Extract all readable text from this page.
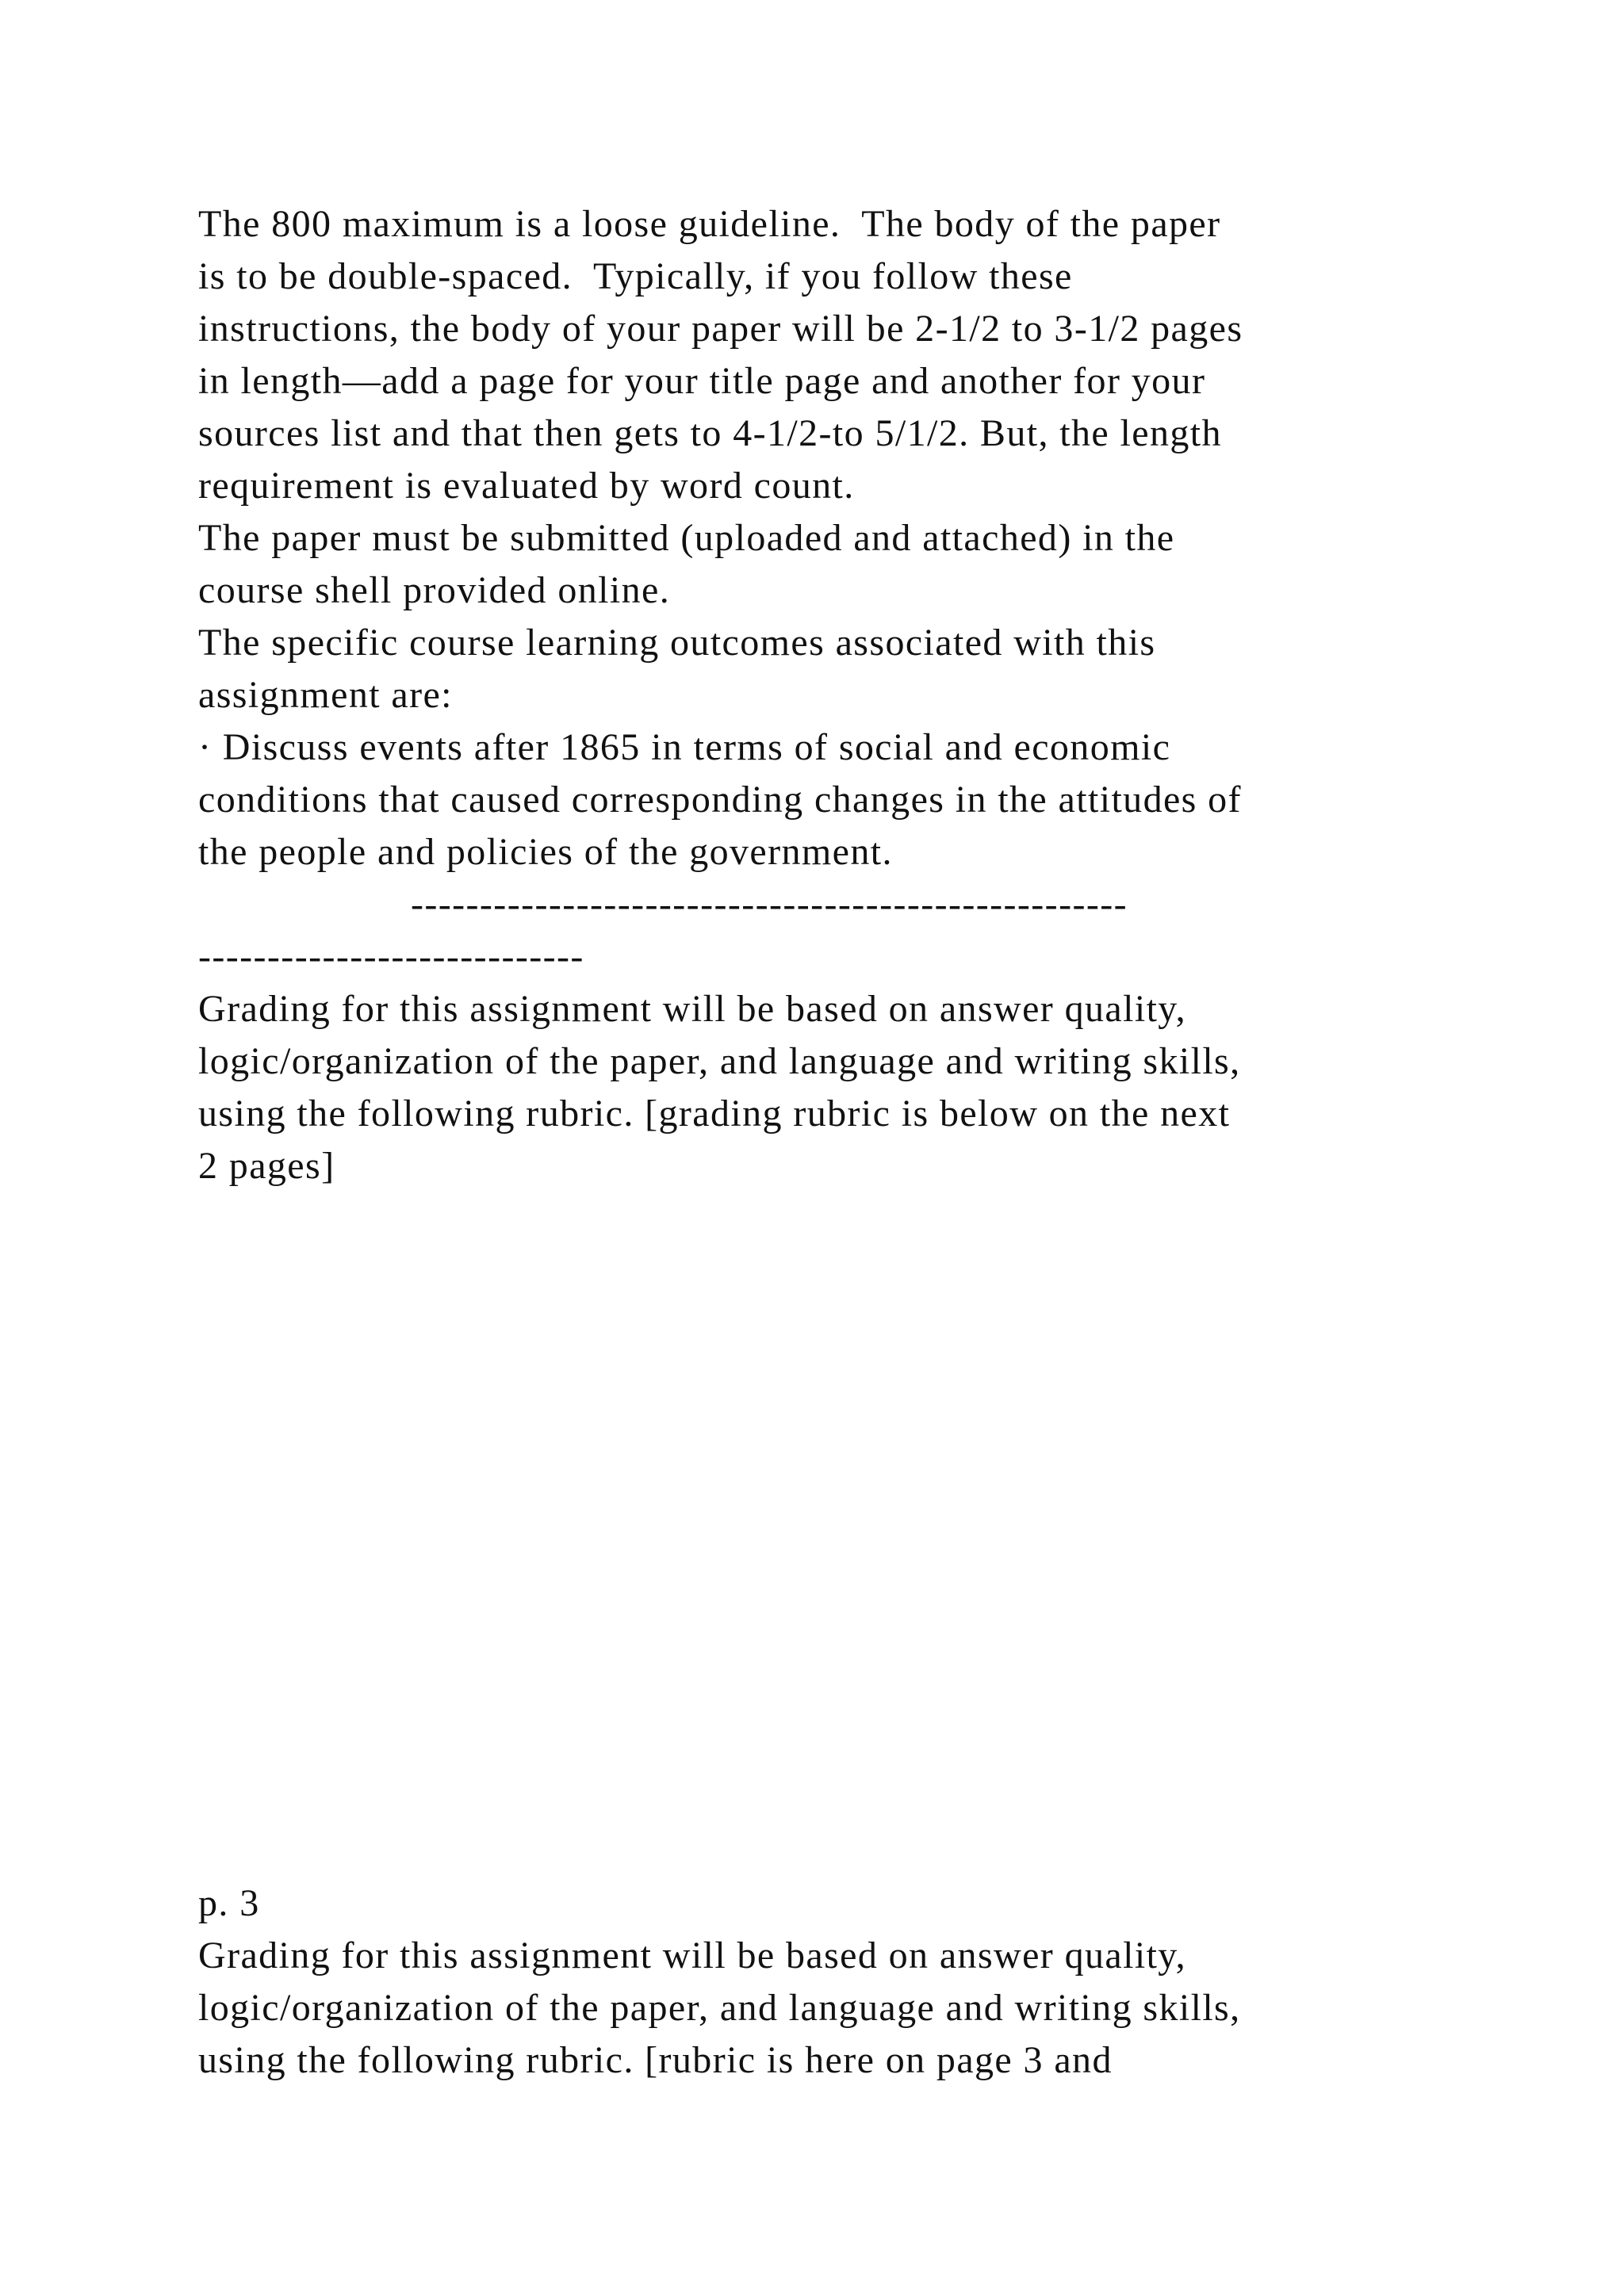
The 800 maximum is a loose guideline.  The body of the paper

is to be double-spaced.  Typically, if you follow these

instructions, the body of your paper will be 2-1/2 to 3-1/2 pages

in length—add a page for your title page and another for your

sources list and that then gets to 4-1/2-to 5/1/2. But, the length

requirement is evaluated by word count.

The paper must be submitted (uploaded and attached) in the

course shell provided online.

The specific course learning outcomes associated with this

assignment are:

· Discuss events after 1865 in terms of social and economic

conditions that caused corresponding changes in the attitudes of

the people and policies of the government.

----------------------------------------------------

----------------------------

Grading for this assignment will be based on answer quality,

logic/organization of the paper, and language and writing skills,

using the following rubric. [grading rubric is below on the next

2 pages]

p. 3

Grading for this assignment will be based on answer quality,

logic/organization of the paper, and language and writing skills,

using the following rubric. [rubric is here on page 3 and
